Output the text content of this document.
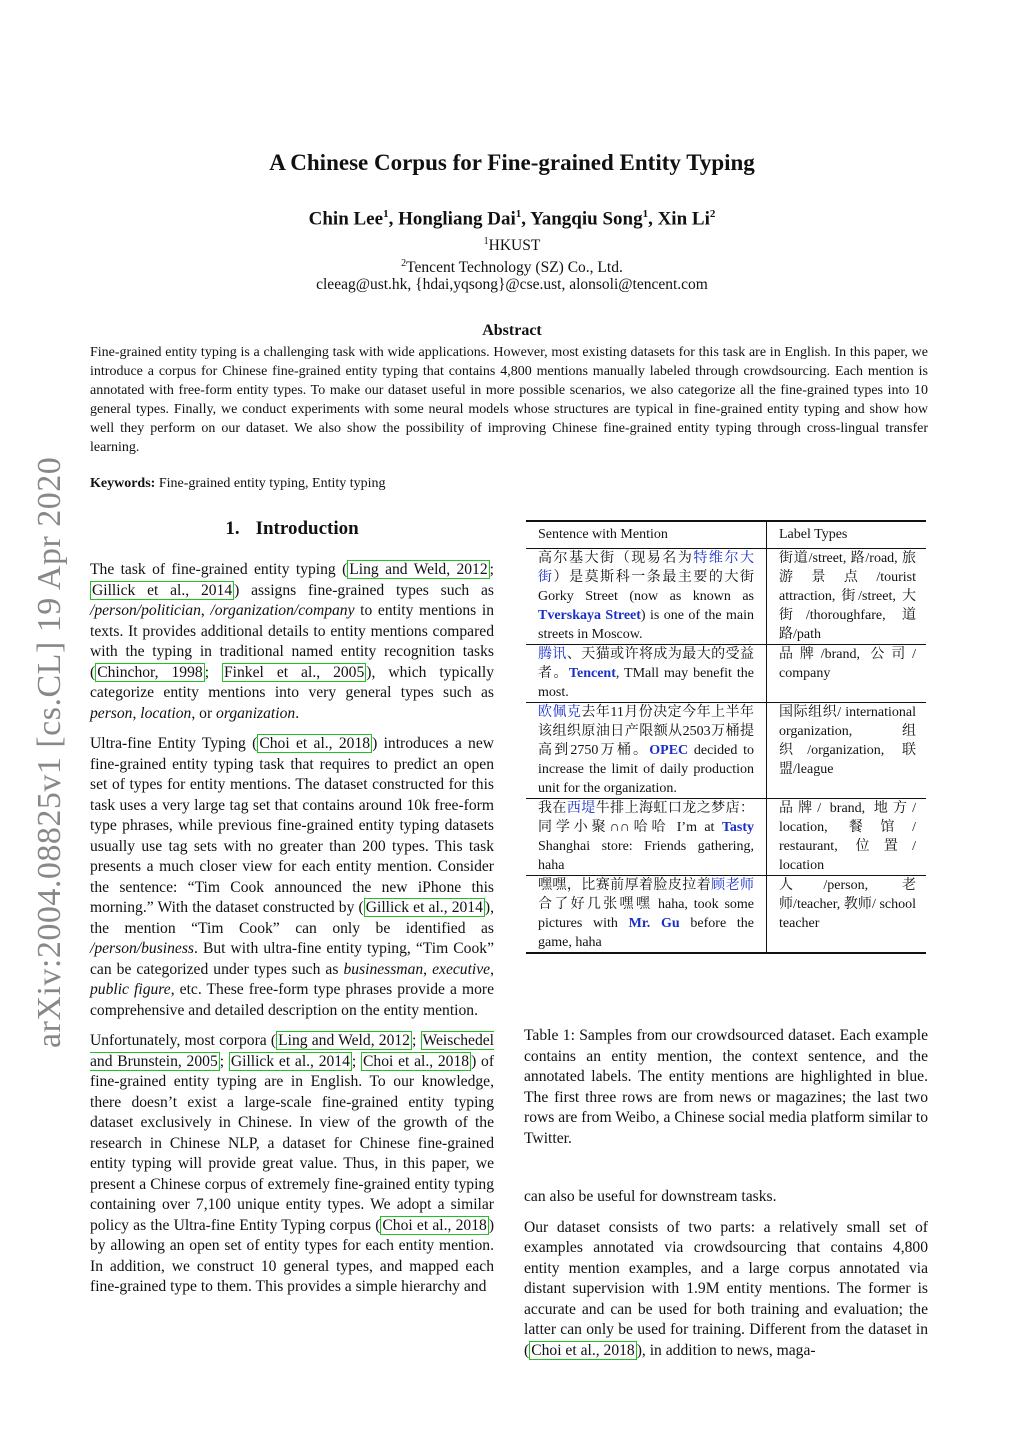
arXiv:2004.08825v1 [cs.CL] 19 Apr 2020
A Chinese Corpus for Fine-grained Entity Typing
Chin Lee$^1$, Hongliang Dai$^1$, Yangqiu Song$^1$, Xin Li$^2$
$^1$HKUST
$^2$Tencent Technology (SZ) Co., Ltd.
cleeag@ust.hk, {hdai,yqsong}@cse.ust, alonsoli@tencent.com
Abstract
Fine-grained entity typing is a challenging task with wide applications. However, most existing datasets for this task are in English. In this paper, we introduce a corpus for Chinese fine-grained entity typing that contains 4,800 mentions manually labeled through crowdsourcing. Each mention is annotated with free-form entity types. To make our dataset useful in more possible scenarios, we also categorize all the fine-grained types into 10 general types. Finally, we conduct experiments with some neural models whose structures are typical in fine-grained entity typing and show how well they perform on our dataset. We also show the possibility of improving Chinese fine-grained entity typing through cross-lingual transfer learning.
Keywords: Fine-grained entity typing, Entity typing
1. Introduction

The task of fine-grained entity typing ( Ling and Weld, 2012 ; Gillick et al., 2014 ) assigns fine-grained types such as /person/politician, /organization/company to entity mentions in texts. It provides additional details to entity mentions compared with the typing in traditional named entity recognition tasks ( Chinchor, 1998 ; Finkel et al., 2005 ), which typically categorize entity mentions into very general types such as person, location, or organization.

Ultra-fine Entity Typing ( Choi et al., 2018 ) introduces a new fine-grained entity typing task that requires to predict an open set of types for entity mentions. The dataset constructed for this task uses a very large tag set that contains around 10k free-form type phrases, while previous fine-grained entity typing datasets usually use tag sets with no greater than 200 types. This task presents a much closer view for each entity mention. Consider the sentence: “Tim Cook announced the new iPhone this morning.” With the dataset constructed by ( Gillick et al., 2014 ), the mention “Tim Cook” can only be identified as /person/business. But with ultra-fine entity typing, “Tim Cook” can be categorized under types such as businessman, executive, public figure, etc. These free-form type phrases provide a more comprehensive and detailed description on the entity mention.

Unfortunately, most corpora ( Ling and Weld, 2012 ; Weischedel and Brunstein, 2005 ; Gillick et al., 2014 ; Choi et al., 2018 ) of fine-grained entity typing are in English. To our knowledge, there doesn’t exist a large-scale fine-grained entity typing dataset exclusively in Chinese. In view of the growth of the research in Chinese NLP, a dataset for Chinese fine-grained entity typing will provide great value. Thus, in this paper, we present a Chinese corpus of extremely fine-grained entity typing containing over 7,100 unique entity types. We adopt a similar policy as the Ultra-fine Entity Typing corpus ( Choi et al., 2018 ) by allowing an open set of entity types for each entity mention. In addition, we construct 10 general types, and mapped each fine-grained type to them. This provides a simple hierarchy and

Sentence with Mention	Label Types
高尔基大街（现易名为特维尔大街）是莫斯科一条最主要的大街Gorky Street (now as known as Tverskaya Street) is one of the main streets in Moscow.	街道/street, 路/road, 旅游景点/tourist attraction, 街/street, 大街/thoroughfare, 道路/path
腾讯、天猫或许将成为最大的受益者。Tencent, TMall may benefit the most.	品牌/brand, 公司/ company
欧佩克去年11月份决定今年上半年该组织原油日产限额从2503万桶提高到2750万桶。OPEC decided to increase the limit of daily production unit for the organization.	国际组织/ international organization, 组织/organization, 联盟/league
我在西堤牛排上海虹口龙之梦店：同学小聚∩∩哈哈 I’m at Tasty Shanghai store: Friends gathering, haha	品牌/ brand, 地方/ location, 餐馆/ restaurant, 位置/ location
嘿嘿，比赛前厚着脸皮拉着顾老师合了好几张嘿嘿 haha, took some pictures with Mr. Gu before the game, haha	人/person, 老师/teacher, 教师/ school teacher
Table 1: Samples from our crowdsourced dataset. Each example contains an entity mention, the context sentence, and the annotated labels. The entity mentions are highlighted in blue. The first three rows are from news or magazines; the last two rows are from Weibo, a Chinese social media platform similar to Twitter.

can also be useful for downstream tasks.

Our dataset consists of two parts: a relatively small set of examples annotated via crowdsourcing that contains 4,800 entity mention examples, and a large corpus annotated via distant supervision with 1.9M entity mentions. The former is accurate and can be used for both training and evaluation; the latter can only be used for training. Different from the dataset in ( Choi et al., 2018 ), in addition to news, maga-
